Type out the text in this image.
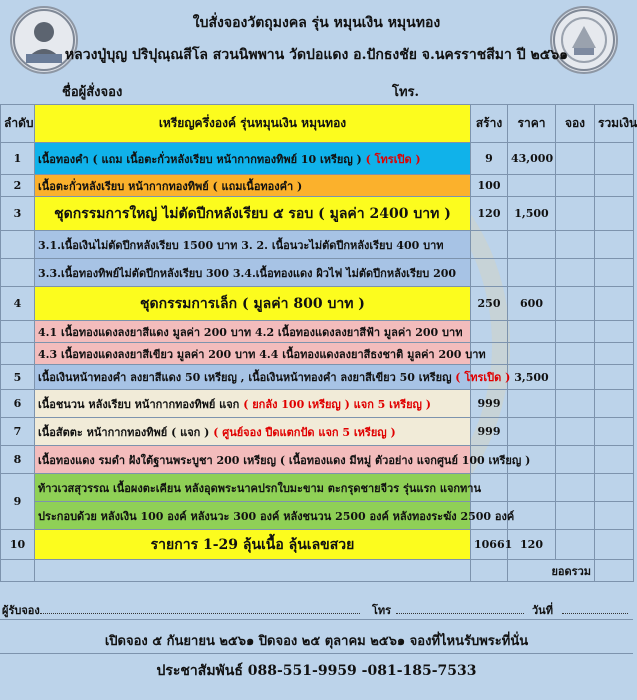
ใบสั่งจองวัตถุมงคล รุ่น หมุนเงิน หมุนทอง
หลวงปู่บุญ ปริปุณฺณสีโล สวนนิพพาน วัดปอแดง อ.ปักธงชัย จ.นครราชสีมา ปี ๒๕๖๑
ชื่อผู้สั่งจอง	โทร.
ลำดับ	เหรียญครึ่งองค์ รุ่นหมุนเงิน หมุนทอง	สร้าง	ราคา	จอง	รวมเงิน
1	เนื้อทองคำ ( แถม เนื้อตะกั่วหลังเรียบ หน้ากากทองทิพย์ 10 เหรียญ ) ( โทรเปิด )	9	43,000		
2	เนื้อตะกั่วหลังเรียบ หน้ากากทองทิพย์ ( แถมเนื้อทองคำ )	100			
3	ชุดกรรมการใหญ่ ไม่ตัดปีกหลังเรียบ ๕ รอบ ( มูลค่า 2400 บาท )	120	1,500		
	3.1.เนื้อเงินไม่ตัดปีกหลังเรียบ 1500 บาท 3. 2. เนื้อนวะไม่ตัดปีกหลังเรียบ 400 บาท				
	3.3.เนื้อทองทิพย์ไม่ตัดปีกหลังเรียบ 300 3.4.เนื้อทองแดง ผิวไฟ ไม่ตัดปีกหลังเรียบ 200				
4	ชุดกรรมการเล็ก ( มูลค่า 800 บาท )	250	600		
	4.1 เนื้อทองแดงลงยาสีแดง มูลค่า 200 บาท 4.2 เนื้อทองแดงลงยาสีฟ้า มูลค่า 200 บาท				
	4.3 เนื้อทองแดงลงยาสีเขียว มูลค่า 200 บาท 4.4 เนื้อทองแดงลงยาสีธงชาติ มูลค่า 200 บาท				
5	เนื้อเงินหน้าทองคำ ลงยาสีแดง 50 เหรียญ , เนื้อเงินหน้าทองคำ ลงยาสีเขียว 50 เหรียญ ( โทรเปิด )		3,500		
6	เนื้อชนวน หลังเรียบ หน้ากากทองทิพย์ แจก ( ยกลัง 100 เหรียญ ) แจก 5 เหรียญ )	999			
7	เนื้อสัตตะ หน้ากากทองทิพย์ ( แจก ) ( ศูนย์จอง ปืดแตกปัด แจก 5 เหรียญ )	999			
8	เนื้อทองแดง รมดำ ฝังใต้ฐานพระบูชา 200 เหรียญ ( เนื้อทองแดง มีหมู่ ตัวอย่าง แจกศูนย์ 100 เหรียญ )				
9	ท้าวเวสสุวรรณ เนื้อผงตะเคียน หลังอุดพระนาคปรกใบมะขาม ตะกรุดชายจีวร รุ่นแรก แจกทาน				
	ประกอบด้วย หลังเงิน 100 องค์ หลังนวะ 300 องค์ หลังชนวน 2500 องค์ หลังทองระฆัง 2500 องค์				
10	รายการ 1-29 ลุ้นเนื้อ ลุ้นเลขสวย	10661	120		
			ยอดรวม		
ผู้รับจอง	โทร	วันที่
เปิดจอง ๕ กันยายน ๒๕๖๑ ปิดจอง ๒๕ ตุลาคม ๒๕๖๑ จองที่ไหนรับพระที่นั่น
ประชาสัมพันธ์ 088-551-9959 -081-185-7533
